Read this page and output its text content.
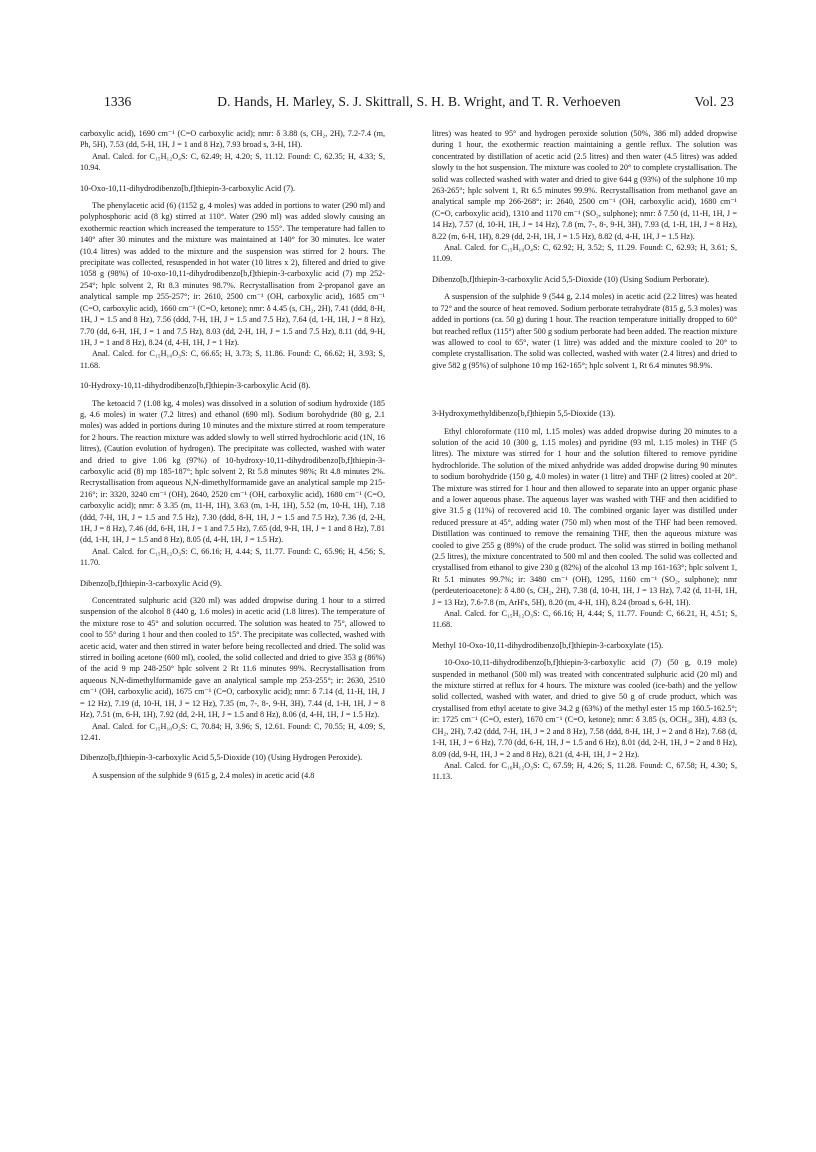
1336	D. Hands, H. Marley, S. J. Skittrall, S. H. B. Wright, and T. R. Verhoeven	Vol. 23

carboxylic acid), 1690 cm⁻¹ (C=O carboxylic acid); nmr: δ 3.88 (s, CH₂, 2H), 7.2-7.4 (m, Ph, 5H), 7.53 (dd, 5-H, 1H, J = 1 and 8 Hz), 7.93 broad s, 3-H, 1H).

Anal. Calcd. for C₁₅H₁₂O₄S: C, 62.49; H, 4.20; S, 11.12. Found: C, 62.35; H, 4.33; S, 10.94.

10-Oxo-10,11-dihydrodibenzo[b,f]thiepin-3-carboxylic Acid (7).

The phenylacetic acid (6) (1152 g, 4 moles) was added in portions to water (290 ml) and polyphosphoric acid (8 kg) stirred at 110°. Water (290 ml) was added slowly causing an exothermic reaction which increased the temperature to 155°. The temperature had fallen to 140° after 30 minutes and the mixture was maintained at 140° for 30 minutes. Ice water (10.4 litres) was added to the mixture and the suspension was stirred for 2 hours. The precipitate was collected, resuspended in hot water (10 litres x 2), filtered and dried to give 1058 g (98%) of 10-oxo-10,11-dihydrodibenzo[b,f]thiepin-3-carboxylic acid (7) mp 252-254°; hplc solvent 2, Rt 8.3 minutes 98.7%. Recrystallisation from 2-propanol gave an analytical sample mp 255-257°; ir: 2610, 2500 cm⁻¹ (OH, carboxylic acid), 1685 cm⁻¹ (C=O, carboxylic acid), 1660 cm⁻¹ (C=O, ketone); nmr: δ 4.45 (s, CH₂, 2H), 7.41 (ddd, 8-H, 1H, J = 1.5 and 8 Hz), 7.56 (ddd, 7-H, 1H, J = 1.5 and 7.5 Hz), 7.64 (d, 1-H, 1H, J = 8 Hz), 7.70 (dd, 6-H, 1H, J = 1 and 7.5 Hz), 8.03 (dd, 2-H, 1H, J = 1.5 and 7.5 Hz), 8.11 (dd, 9-H, 1H, J = 1 and 8 Hz), 8.24 (d, 4-H, 1H, J = 1 Hz).

Anal. Calcd. for C₁₅H₁₀O₃S: C, 66.65; H, 3.73; S, 11.86. Found: C, 66.62; H, 3.93; S, 11.68.

10-Hydroxy-10,11-dihydrodibenzo[b,f]thiepin-3-carboxylic Acid (8).

The ketoacid 7 (1.08 kg, 4 moles) was dissolved in a solution of sodium hydroxide (185 g, 4.6 moles) in water (7.2 litres) and ethanol (690 ml). Sodium borohydride (80 g, 2.1 moles) was added in portions during 10 minutes and the mixture stirred at room temperature for 2 hours. The reaction mixture was added slowly to well stirred hydrochloric acid (1N, 16 litres), (Caution evolution of hydrogen). The precipitate was collected, washed with water and dried to give 1.06 kg (97%) of 10-hydroxy-10,11-dihydrodibenzo[b,f]thiepin-3-carboxylic acid (8) mp 185-187°; hplc solvent 2, Rt 5.8 minutes 98%; Rt 4.8 minutes 2%. Recrystallisation from aqueous N,N-dimethylformamide gave an analytical sample mp 215-216°; ir: 3320, 3240 cm⁻¹ (OH), 2640, 2520 cm⁻¹ (OH, carboxylic acid), 1680 cm⁻¹ (C=O, carboxylic acid); nmr: δ 3.35 (m, 11-H, 1H), 3.63 (m, 1-H, 1H), 5.52 (m, 10-H, 1H), 7.18 (ddd, 7-H, 1H, J = 1.5 and 7.5 Hz), 7.30 (ddd, 8-H, 1H, J = 1.5 and 7.5 Hz), 7.36 (d, 2-H, 1H, J = 8 Hz), 7.46 (dd, 6-H, 1H, J = 1 and 7.5 Hz), 7.65 (dd, 9-H, 1H, J = 1 and 8 Hz), 7.81 (dd, 1-H, 1H, J = 1.5 and 8 Hz), 8.05 (d, 4-H, 1H, J = 1.5 Hz).

Anal. Calcd. for C₁₅H₁₂O₃S: C, 66.16; H, 4.44; S, 11.77. Found: C, 65.96; H, 4.56; S, 11.70.

Dibenzo[b,f]thiepin-3-carboxylic Acid (9).

Concentrated sulphuric acid (320 ml) was added dropwise during 1 hour to a stirred suspension of the alcohol 8 (440 g, 1.6 moles) in acetic acid (1.8 litres). The temperature of the mixture rose to 45° and solution occurred. The solution was heated to 75°, allowed to cool to 55° during 1 hour and then cooled to 15°. The precipitate was collected, washed with acetic acid, water and then stirred in water before being recollected and dried. The solid was stirred in boiling acetone (600 ml), cooled, the solid collected and dried to give 353 g (86%) of the acid 9 mp 248-250° hplc solvent 2 Rt 11.6 minutes 99%. Recrystallisation from aqueous N,N-dimethylformamide gave an analytical sample mp 253-255°; ir: 2630, 2510 cm⁻¹ (OH, carboxylic acid), 1675 cm⁻¹ (C=O, carboxylic acid); nmr: δ 7.14 (d, 11-H, 1H, J = 12 Hz), 7.19 (d, 10-H, 1H, J = 12 Hz), 7.35 (m, 7-, 8-, 9-H, 3H), 7.44 (d, 1-H, 1H, J = 8 Hz), 7.51 (m, 6-H, 1H), 7.92 (dd, 2-H, 1H, J = 1.5 and 8 Hz), 8.06 (d, 4-H, 1H, J = 1.5 Hz).

Anal. Calcd. for C₁₅H₁₀O₂S: C, 70.84; H, 3.96; S, 12.61. Found: C, 70.55; H, 4.09; S, 12.41.

Dibenzo[b,f]thiepin-3-carboxylic Acid 5,5-Dioxide (10) (Using Hydrogen Peroxide).

A suspension of the sulphide 9 (615 g, 2.4 moles) in acetic acid (4.8

litres) was heated to 95° and hydrogen peroxide solution (50%, 386 ml) added dropwise during 1 hour, the exothermic reaction maintaining a gentle reflux. The solution was concentrated by distillation of acetic acid (2.5 litres) and then water (4.5 litres) was added slowly to the hot suspension. The mixture was cooled to 20° to complete crystallisation. The solid was collected washed with water and dried to give 644 g (93%) of the sulphone 10 mp 263-265°; hplc solvent 1, Rt 6.5 minutes 99.9%. Recrystallisation from methanol gave an analytical sample mp 266-268°; ir: 2640, 2500 cm⁻¹ (OH, carboxylic acid), 1680 cm⁻¹ (C=O, carboxylic acid), 1310 and 1170 cm⁻¹ (SO₂, sulphone); nmr: δ 7.50 (d, 11-H, 1H, J = 14 Hz), 7.57 (d, 10-H, 1H, J = 14 Hz), 7.8 (m, 7-, 8-, 9-H, 3H), 7.93 (d, 1-H, 1H, J = 8 Hz), 8.22 (m, 6-H, 1H), 8.29 (dd, 2-H, 1H, J = 1.5 Hz), 8.82 (d, 4-H, 1H, J = 1.5 Hz).

Anal. Calcd. for C₁₅H₁₀O₄S: C, 62.92; H, 3.52; S, 11.29. Found: C, 62.93; H, 3.61; S, 11.09.

Dibenzo[b,f]thiepin-3-carboxylic Acid 5,5-Dioxide (10) (Using Sodium Perborate).

A suspension of the sulphide 9 (544 g, 2.14 moles) in acetic acid (2.2 litres) was heated to 72° and the source of heat removed. Sodium perborate tetrahydrate (815 g, 5.3 moles) was added in portions (ca. 50 g) during 1 hour. The reaction temperature initially dropped to 60° but reached reflux (115°) after 500 g sodium perborate had been added. The reaction mixture was allowed to cool to 65°, water (1 litre) was added and the mixture cooled to 20° to complete crystallisation. The solid was collected, washed with water (2.4 litres) and dried to give 582 g (95%) of sulphone 10 mp 162-165°; hplc solvent 1, Rt 6.4 minutes 98.9%.

3-Hydroxymethyldibenzo[b,f]thiepin 5,5-Dioxide (13).

Ethyl chloroformate (110 ml, 1.15 moles) was added dropwise during 20 minutes to a solution of the acid 10 (300 g, 1.15 moles) and pyridine (93 ml, 1.15 moles) in THF (5 litres). The mixture was stirred for 1 hour and the solution filtered to remove pyridine hydrochloride. The solution of the mixed anhydride was added dropwise during 90 minutes to sodium borohydride (150 g, 4.0 moles) in water (1 litre) and THF (2 litres) cooled at 20°. The mixture was stirred for 1 hour and then allowed to separate into an upper organic phase and a lower aqueous phase. The aqueous layer was washed with THF and then acidified to give 31.5 g (11%) of recovered acid 10. The combined organic layer was distilled under reduced pressure at 45°, adding water (750 ml) when most of the THF had been removed. Distillation was continued to remove the remaining THF, then the aqueous mixture was cooled to give 255 g (89%) of the crude product. The solid was stirred in boiling methanol (2.5 litres), the mixture concentrated to 500 ml and then cooled. The solid was collected and crystallised from ethanol to give 230 g (82%) of the alcohol 13 mp 161-163°; hplc solvent 1, Rt 5.1 minutes 99.7%; ir: 3480 cm⁻¹ (OH), 1295, 1160 cm⁻¹ (SO₂, sulphone); nmr (perdeuterioacetone): δ 4.80 (s, CH₂, 2H), 7.38 (d, 10-H, 1H, J = 13 Hz), 7.42 (d, 11-H, 1H, J = 13 Hz), 7.6-7.8 (m, ArH's, 5H), 8.20 (m, 4-H, 1H), 8.24 (broad s, 6-H, 1H).

Anal. Calcd. for C₁₅H₁₂O₃S: C, 66.16; H, 4.44; S, 11.77. Found: C, 66.21, H, 4.51; S, 11.68.

Methyl 10-Oxo-10,11-dihydrodibenzo[b,f]thiepin-3-carboxylate (15).

10-Oxo-10,11-dihydrodibenzo[b,f]thiepin-3-carboxylic acid (7) (50 g, 0.19 mole) suspended in methanol (500 ml) was treated with concentrated sulphuric acid (20 ml) and the mixture stirred at reflux for 4 hours. The mixture was cooled (ice-bath) and the yellow solid collected, washed with water, and dried to give 50 g of crude product, which was crystallised from ethyl acetate to give 34.2 g (63%) of the methyl ester 15 mp 160.5-162.5°; ir: 1725 cm⁻¹ (C=O, ester), 1670 cm⁻¹ (C=O, ketone); nmr: δ 3.85 (s, OCH₃, 3H), 4.83 (s, CH₂, 2H), 7.42 (ddd, 7-H, 1H, J = 2 and 8 Hz), 7.58 (ddd, 8-H, 1H, J = 2 and 8 Hz), 7.68 (d, 1-H, 1H, J = 6 Hz), 7.70 (dd, 6-H, 1H, J = 1.5 and 6 Hz), 8.01 (dd, 2-H, 1H, J = 2 and 8 Hz), 8.09 (dd, 9-H, 1H, J = 2 and 8 Hz), 8.21 (d, 4-H, 1H, J = 2 Hz).

Anal. Calcd. for C₁₆H₁₂O₃S: C, 67.59; H, 4.26; S, 11.28. Found: C, 67.58; H, 4.30; S, 11.13.
